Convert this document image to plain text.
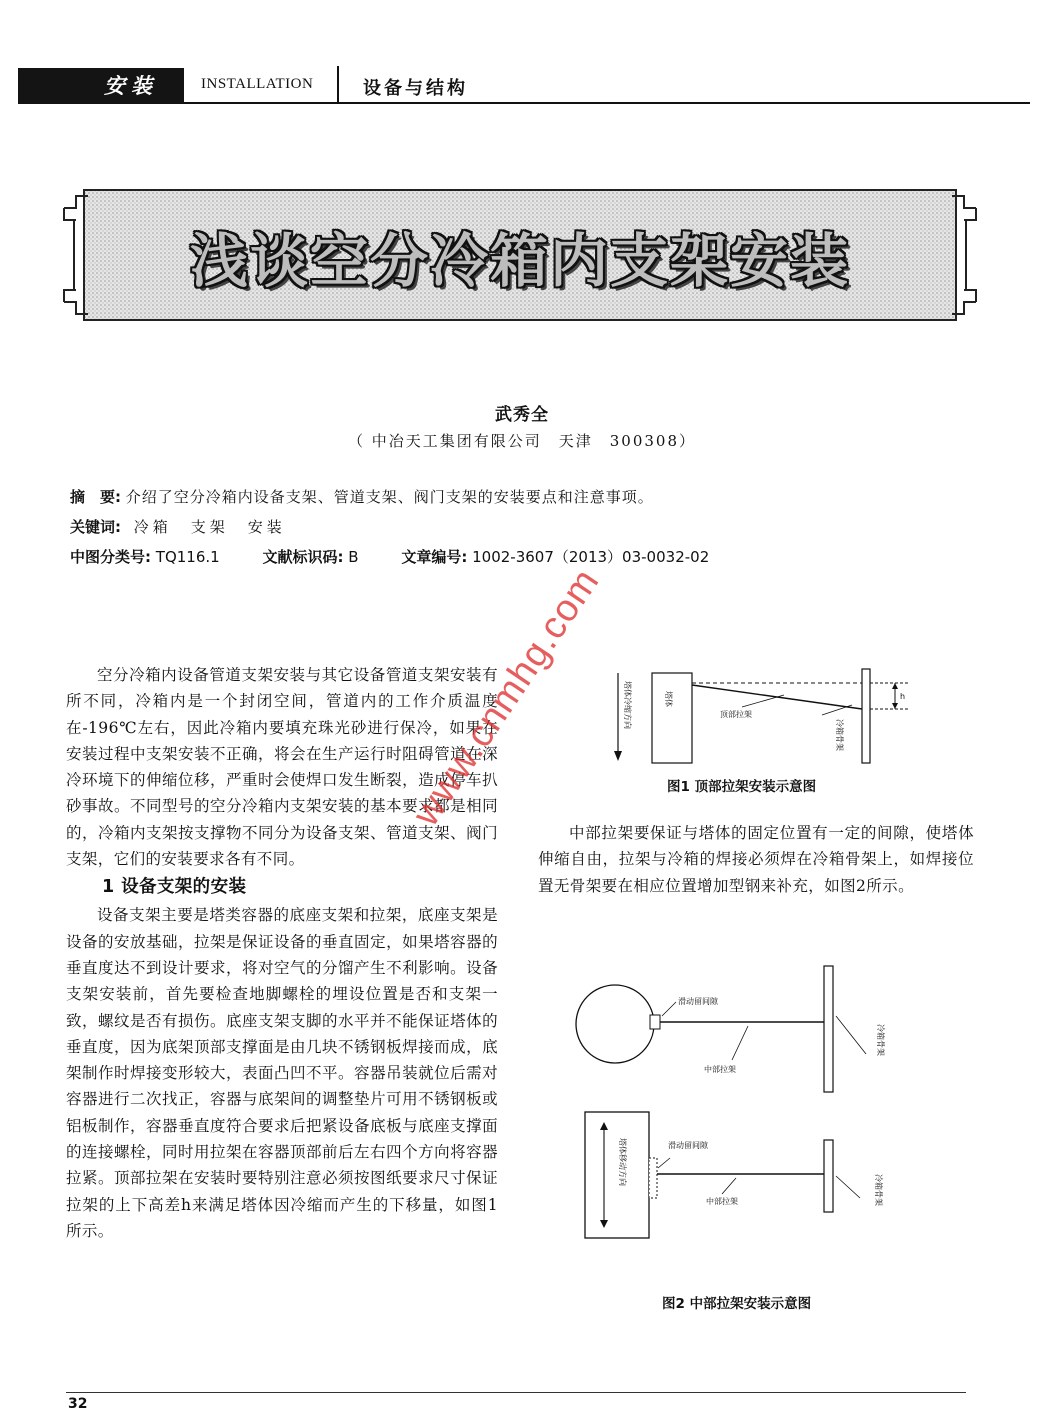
安装	INSTALLATION	设备与结构
浅谈空分冷箱内支架安装
武秀全
（ 中冶天工集团有限公司　天津　300308）
摘　要: 介绍了空分冷箱内设备支架、管道支架、阀门支架的安装要点和注意事项。
关键词: 冷箱　支架　安装
中图分类号: TQ116.1	文献标识码: B	文章编号: 1002-3607（2013）03-0032-02

空分冷箱内设备管道支架安装与其它设备管道支架安装有所不同，冷箱内是一个封闭空间，管道内的工作介质温度在-196℃左右，因此冷箱内要填充珠光砂进行保冷，如果在安装过程中支架安装不正确，将会在生产运行时阻碍管道在深冷环境下的伸缩位移，严重时会使焊口发生断裂，造成停车扒砂事故。不同型号的空分冷箱内支架安装的基本要求都是相同的，冷箱内支架按支撑物不同分为设备支架、管道支架、阀门支架，它们的安装要求各有不同。

1 设备支架的安装

设备支架主要是塔类容器的底座支架和拉架，底座支架是设备的安放基础，拉架是保证设备的垂直固定，如果塔容器的垂直度达不到设计要求，将对空气的分馏产生不利影响。设备支架安装前，首先要检查地脚螺栓的埋设位置是否和支架一致，螺纹是否有损伤。底座支架支脚的水平并不能保证塔体的垂直度，因为底架顶部支撑面是由几块不锈钢板焊接而成，底架制作时焊接变形较大，表面凸凹不平。容器吊装就位后需对容器进行二次找正，容器与底架间的调整垫片可用不锈钢板或铝板制作，容器垂直度符合要求后把紧设备底板与底座支撑面的连接螺栓，同时用拉架在容器顶部前后左右四个方向将容器拉紧。顶部拉架在安装时要特别注意必须按图纸要求尺寸保证拉架的上下高差h来满足塔体因冷缩而产生的下移量，如图1所示。

h
顶部拉架
塔体冷缩方向	塔体
冷箱骨架
图1 顶部拉架安装示意图

中部拉架要保证与塔体的固定位置有一定的间隙，使塔体伸缩自由，拉架与冷箱的焊接必须焊在冷箱骨架上，如焊接位置无骨架要在相应位置增加型钢来补充，如图2所示。

滑动留间隙
中部拉架
冷箱骨架
滑动留间隙
中部拉架
塔体移动方向
冷箱骨架
图2 中部拉架安装示意图
www.cnmhg.com
32
